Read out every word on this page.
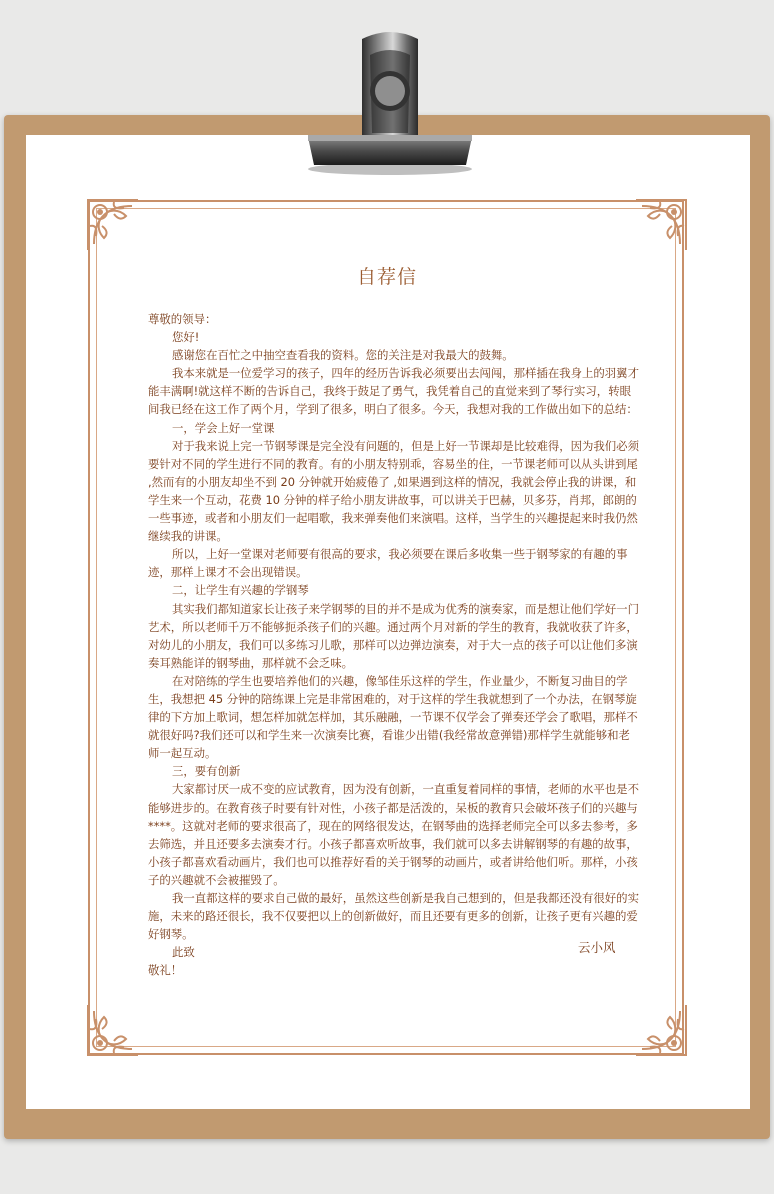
自荐信

尊敬的领导：

您好!

感谢您在百忙之中抽空查看我的资料。您的关注是对我最大的鼓舞。

我本来就是一位爱学习的孩子，四年的经历告诉我必须要出去闯闯，那样插在我身上的羽翼才能丰满啊!就这样不断的告诉自己，我终于鼓足了勇气，我凭着自己的直觉来到了琴行实习，转眼间我已经在这工作了两个月，学到了很多，明白了很多。今天，我想对我的工作做出如下的总结：

一，学会上好一堂课

对于我来说上完一节钢琴课是完全没有问题的，但是上好一节课却是比较难得，因为我们必须要针对不同的学生进行不同的教育。有的小朋友特别乖，容易坐的住，一节课老师可以从头讲到尾 ,然而有的小朋友却坐不到 20 分钟就开始疲倦了 ,如果遇到这样的情况，我就会停止我的讲课，和学生来一个互动，花费 10 分钟的样子给小朋友讲故事，可以讲关于巴赫，贝多芬，肖邦，郎朗的一些事迹，或者和小朋友们一起唱歌，我来弹奏他们来演唱。这样，当学生的兴趣提起来时我仍然继续我的讲课。

所以，上好一堂课对老师要有很高的要求，我必须要在课后多收集一些于钢琴家的有趣的事迹，那样上课才不会出现错误。

二，让学生有兴趣的学钢琴

其实我们都知道家长让孩子来学钢琴的目的并不是成为优秀的演奏家，而是想让他们学好一门艺术，所以老师千万不能够扼杀孩子们的兴趣。通过两个月对新的学生的教育，我就收获了许多，对幼儿的小朋友，我们可以多练习儿歌，那样可以边弹边演奏，对于大一点的孩子可以让他们多演奏耳熟能详的钢琴曲，那样就不会乏味。

在对陪练的学生也要培养他们的兴趣，像邹佳乐这样的学生，作业量少，不断复习曲目的学生，我想把 45 分钟的陪练课上完是非常困难的，对于这样的学生我就想到了一个办法，在钢琴旋律的下方加上歌词，想怎样加就怎样加，其乐融融，一节课不仅学会了弹奏还学会了歌唱，那样不就很好吗?我们还可以和学生来一次演奏比赛，看谁少出错(我经常故意弹错)那样学生就能够和老师一起互动。

三，要有创新

大家都讨厌一成不变的应试教育，因为没有创新，一直重复着同样的事情，老师的水平也是不能够进步的。在教育孩子时要有针对性，小孩子都是活泼的，呆板的教育只会破坏孩子们的兴趣与****。这就对老师的要求很高了，现在的网络很发达，在钢琴曲的选择老师完全可以多去参考，多去筛选，并且还要多去演奏才行。小孩子都喜欢听故事，我们就可以多去讲解钢琴的有趣的故事，小孩子都喜欢看动画片，我们也可以推荐好看的关于钢琴的动画片，或者讲给他们听。那样，小孩子的兴趣就不会被摧毁了。

我一直都这样的要求自己做的最好，虽然这些创新是我自己想到的，但是我都还没有很好的实施，未来的路还很长，我不仅要把以上的创新做好，而且还要有更多的创新，让孩子更有兴趣的爱好钢琴。

此致

敬礼！

云小风
